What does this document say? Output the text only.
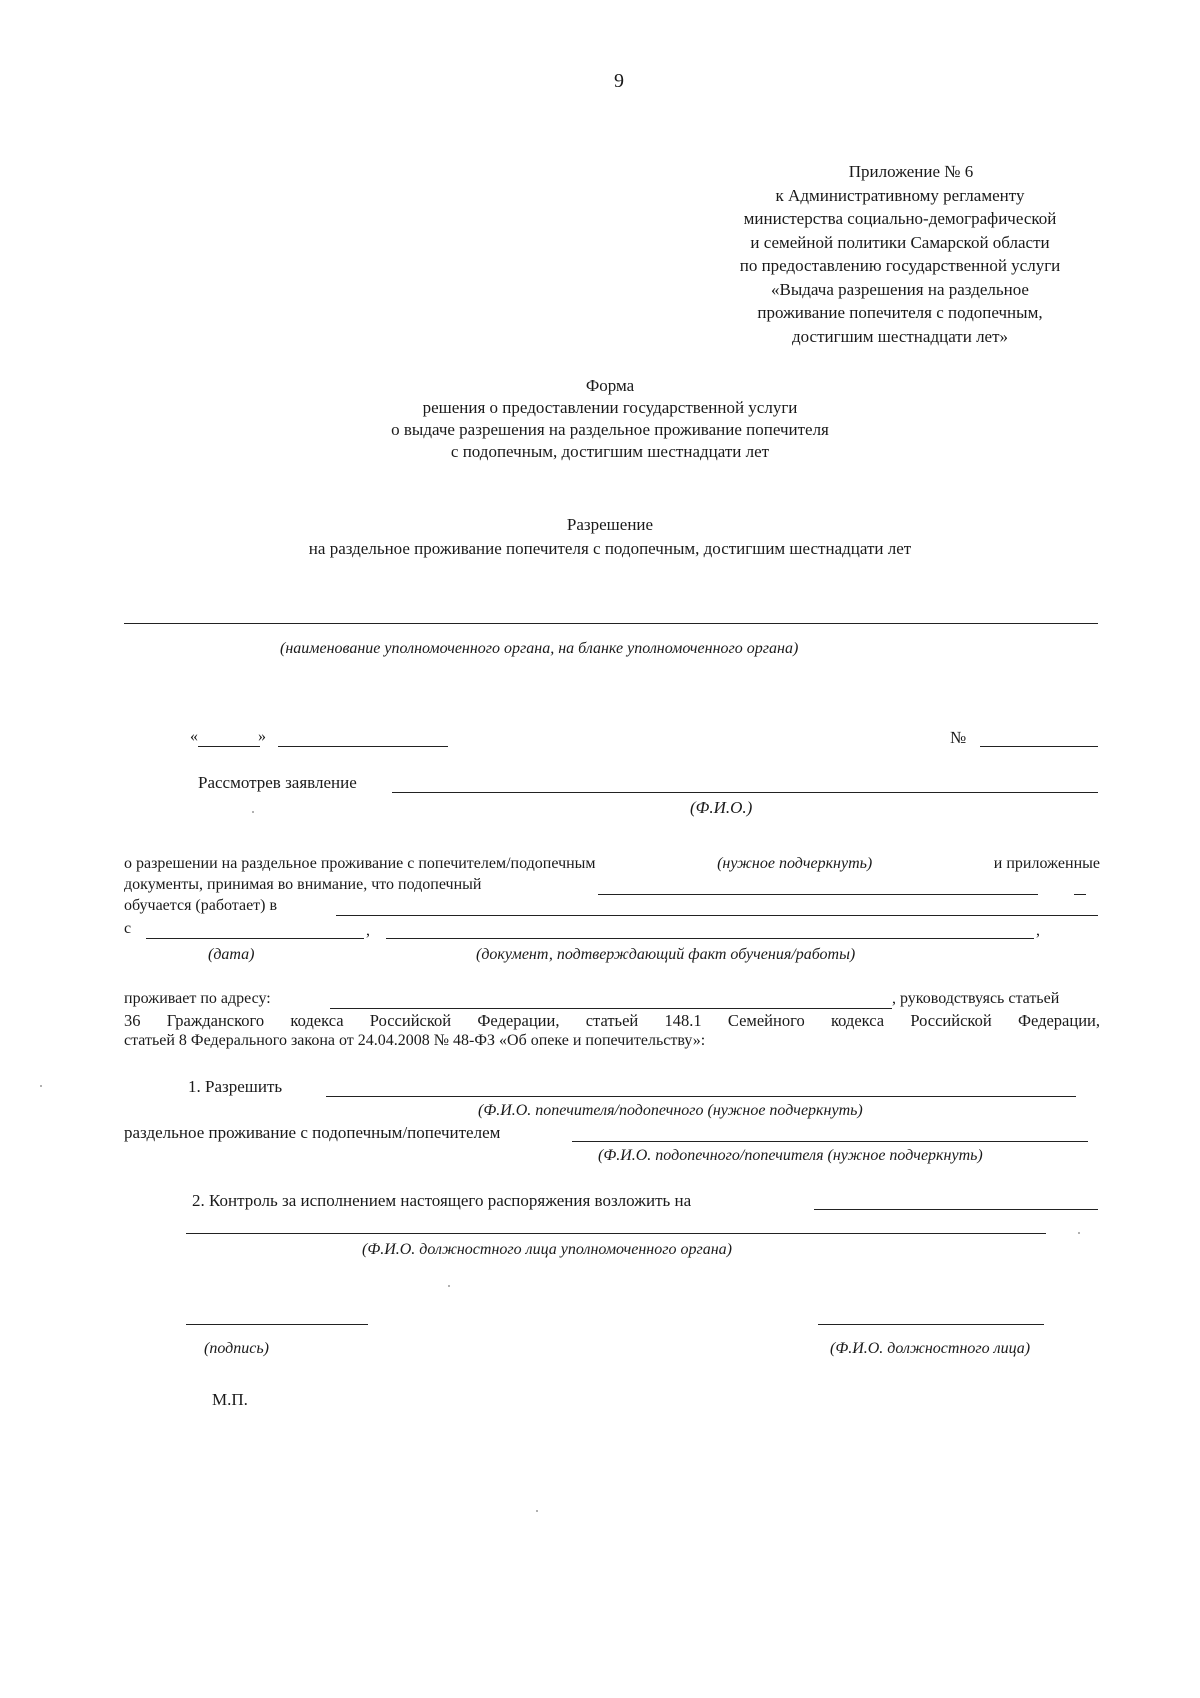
9
Приложение № 6
к Административному регламенту
министерства социально-демографической
и семейной политики Самарской области
по предоставлению государственной услуги
«Выдача разрешения на раздельное
проживание попечителя с подопечным,
достигшим шестнадцати лет»
Форма
решения о предоставлении государственной услуги
о выдаче разрешения на раздельное проживание попечителя
с подопечным, достигшим шестнадцати лет
Разрешение
на раздельное проживание попечителя с подопечным, достигшим шестнадцати лет
(наименование уполномоченного органа, на бланке уполномоченного органа)
«	»	№
Рассмотрев заявление
(Ф.И.О.)
о разрешении на раздельное проживание с попечителем/подопечным	(нужное подчеркнуть)	и приложенные
документы, принимая во внимание, что подопечный
обучается (работает) в
с	,	,
(дата)	(документ, подтверждающий факт обучения/работы)
проживает по адресу:	, руководствуясь статьей
36 Гражданского кодекса Российской Федерации, статьей 148.1 Семейного кодекса Российской Федерации,
статьей 8 Федерального закона от 24.04.2008 № 48-ФЗ «Об опеке и попечительству»:
1. Разрешить
(Ф.И.О. попечителя/подопечного (нужное подчеркнуть)
раздельное проживание с подопечным/попечителем
(Ф.И.О. подопечного/попечителя (нужное подчеркнуть)
2. Контроль за исполнением настоящего распоряжения возложить на
(Ф.И.О. должностного лица уполномоченного органа)
(подпись)	(Ф.И.О. должностного лица)
М.П.
